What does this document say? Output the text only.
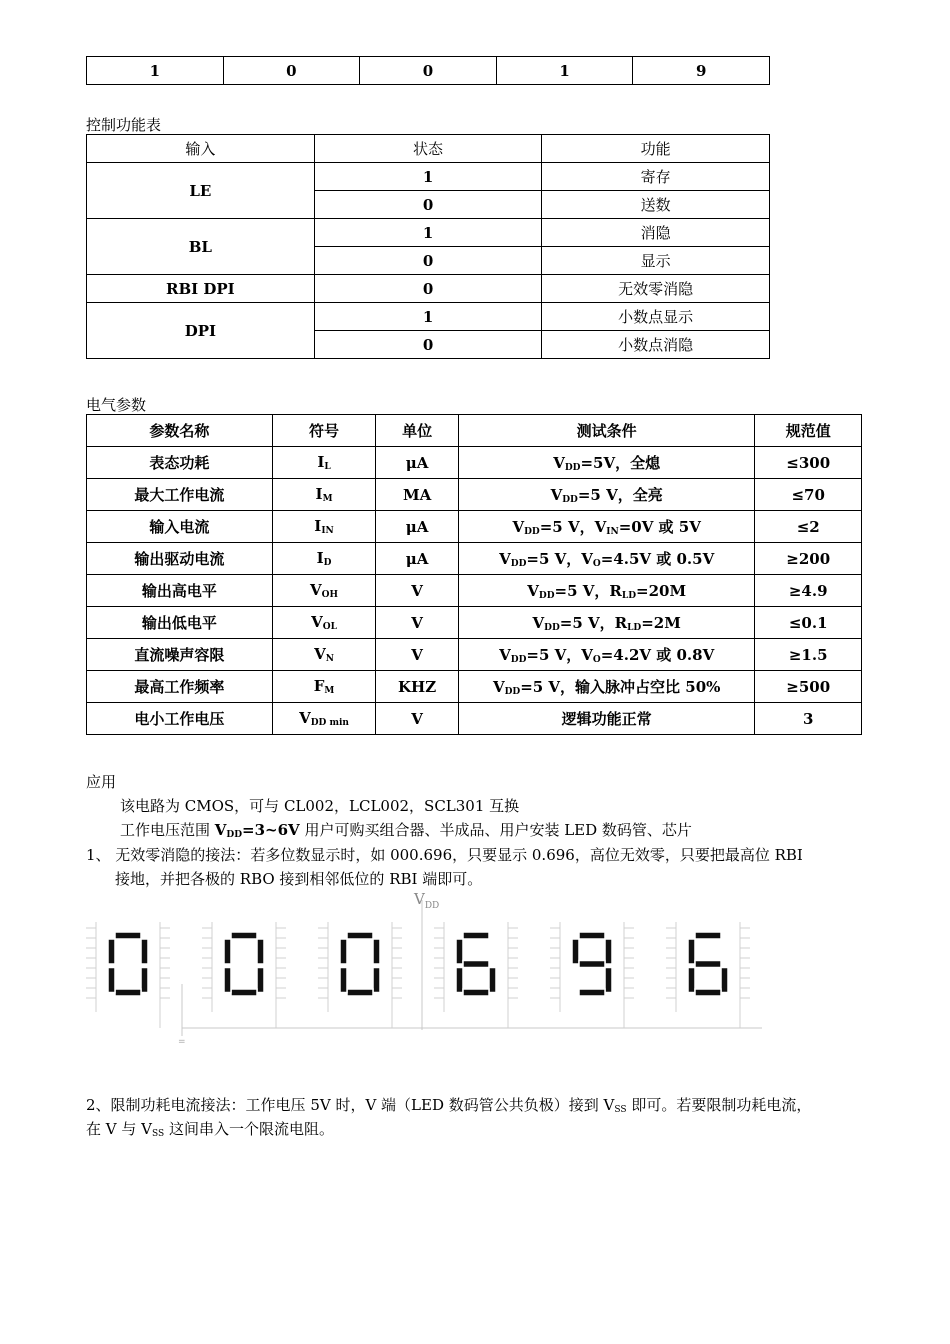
1	0	0	1	9
控制功能表
输入	状态	功能
LE	1	寄存
	0	送数
BL	1	消隐
	0	显示
RBI DPI	0	无效零消隐
DPI	1	小数点显示
	0	小数点消隐
电气参数
参数名称	符号	单位	测试条件	规范值
表态功耗	$I_L$	μA	$V_{DD}=5V$，全熄	≤300
最大工作电流	$I_M$	MA	$V_{DD}=5$ V，全亮	≤70
输入电流	$I_{IN}$	μA	$V_{DD}=5$ V，$V_{IN}=0V$ 或 5V	≤2
输出驱动电流	$I_D$	μA	$V_{DD}=5$ V，$V_O=4.5V$ 或 0.5V	≥200
输出高电平	$V_{OH}$	V	$V_{DD}=5$ V，$R_{LD}=20M$	≥4.9
输出低电平	$V_{OL}$	V	$V_{DD}=5$ V，$R_{LD}=2M$	≤0.1
直流噪声容限	$V_N$	V	$V_{DD}=5$ V，$V_O=4.2V$ 或 0.8V	≥1.5
最高工作频率	$F_M$	KHZ	$V_{DD}=5$ V，输入脉冲占空比 50%	≥500
电小工作电压	$V_{DD min}$	V	逻辑功能正常	3
应用
该电路为 CMOS，可与 CL002，LCL002，SCL301 互换
工作电压范围 $V_{DD}=3\sim 6V$ 用户可购买组合器、半成品、用户安装 LED 数码管、芯片
1、 无效零消隐的接法：若多位数显示时，如 000.696，只要显示 0.696，高位无效零，只要把最高位 RBI
接地，并把各极的 RBO 接到相邻低位的 RBI 端即可。
$V_{DD}$
=
2、限制功耗电流接法：工作电压 5V 时，V 端（LED 数码管公共负极）接到 $V_{SS}$ 即可。若要限制功耗电流，
在 V 与 $V_{SS}$ 这间串入一个限流电阻。
